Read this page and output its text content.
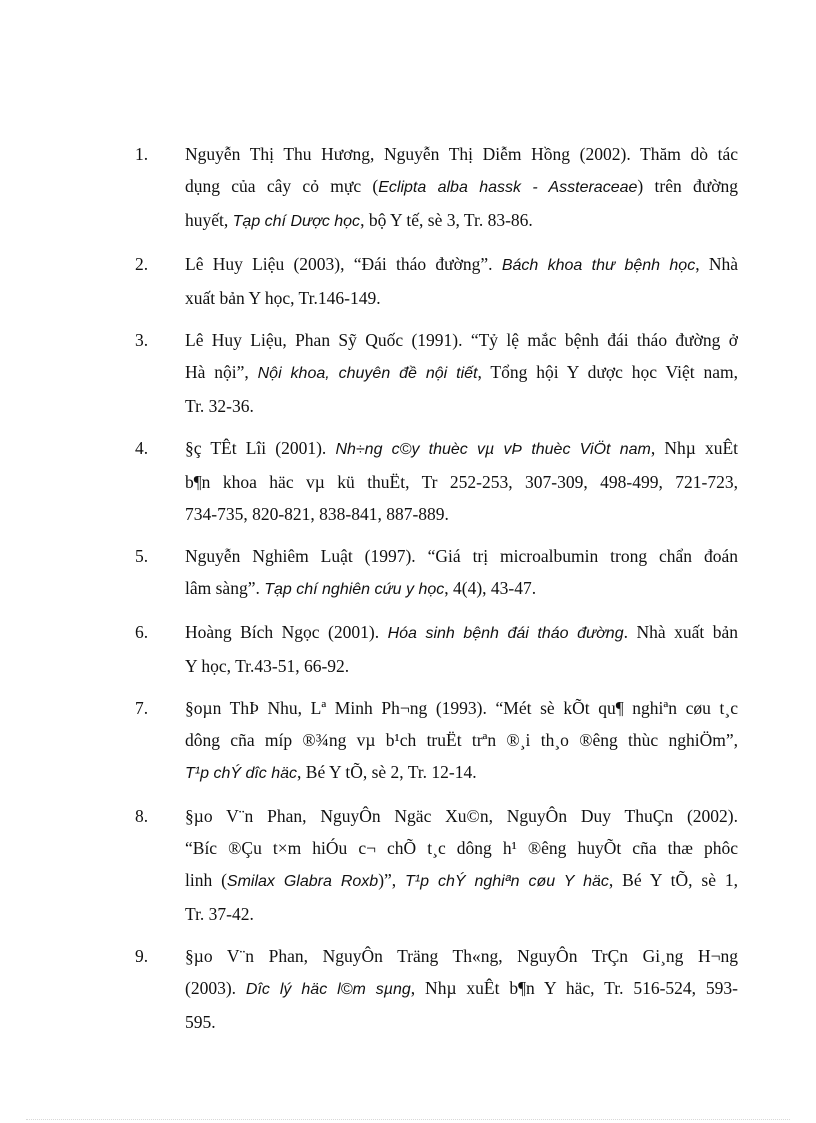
1. Nguyễn Thị Thu Hương, Nguyễn Thị Diễm Hồng (2002). Thăm dò tác
dụng của cây cỏ mực (Eclipta alba hassk - Assteraceae) trên đường
huyết, Tạp chí Dược học, bộ Y tế, sè 3, Tr. 83-86.
2. Lê Huy Liệu (2003), “Đái tháo đường”. Bách khoa thư bệnh học, Nhà
xuất bản Y học, Tr.146-149.
3. Lê Huy Liệu, Phan Sỹ Quốc (1991). “Tỷ lệ mắc bệnh đái tháo đường ở
Hà nội”, Nội khoa, chuyên đề nội tiết, Tổng hội Y dược học Việt nam,
Tr. 32-36.
4. §ç TÊt Lîi (2001). Nh÷ng c©y thuèc vµ vÞ thuèc ViÖt nam, Nhµ xuÊt
b¶n khoa häc vµ kü thuËt, Tr 252-253, 307-309, 498-499, 721-723,
734-735, 820-821, 838-841, 887-889.
5. Nguyễn Nghiêm Luật (1997). “Giá trị microalbumin trong chẩn đoán
lâm sàng”. Tạp chí nghiên cứu y học, 4(4), 43-47.
6. Hoàng Bích Ngọc (2001). Hóa sinh bệnh đái tháo đường. Nhà xuất bản
Y học, Tr.43-51, 66-92.
7. §oµn ThÞ Nhu, Lª Minh Ph¬ng (1993). “Mét sè kÕt qu¶ nghiªn cøu t¸c
dông cña míp ®¾ng vµ b¹ch truËt trªn ®¸i th¸o ®êng thùc nghiÖm”,
T¹p chÝ dîc häc, Bé Y tÕ, sè 2, Tr. 12-14.
8. §µo V¨n Phan, NguyÔn Ngäc Xu©n, NguyÔn Duy ThuÇn (2002).
“Bíc ®Çu t×m hiÓu c¬ chÕ t¸c dông h¹ ®êng huyÕt cña thæ phôc
linh (Smilax Glabra Roxb)”, T¹p chÝ nghiªn cøu Y häc, Bé Y tÕ, sè 1,
Tr. 37-42.
9. §µo V¨n Phan, NguyÔn Träng Th«ng, NguyÔn TrÇn Gi¸ng H¬ng
(2003). Dîc lý häc l©m sµng, Nhµ xuÊt b¶n Y häc, Tr. 516-524, 593-
595.
